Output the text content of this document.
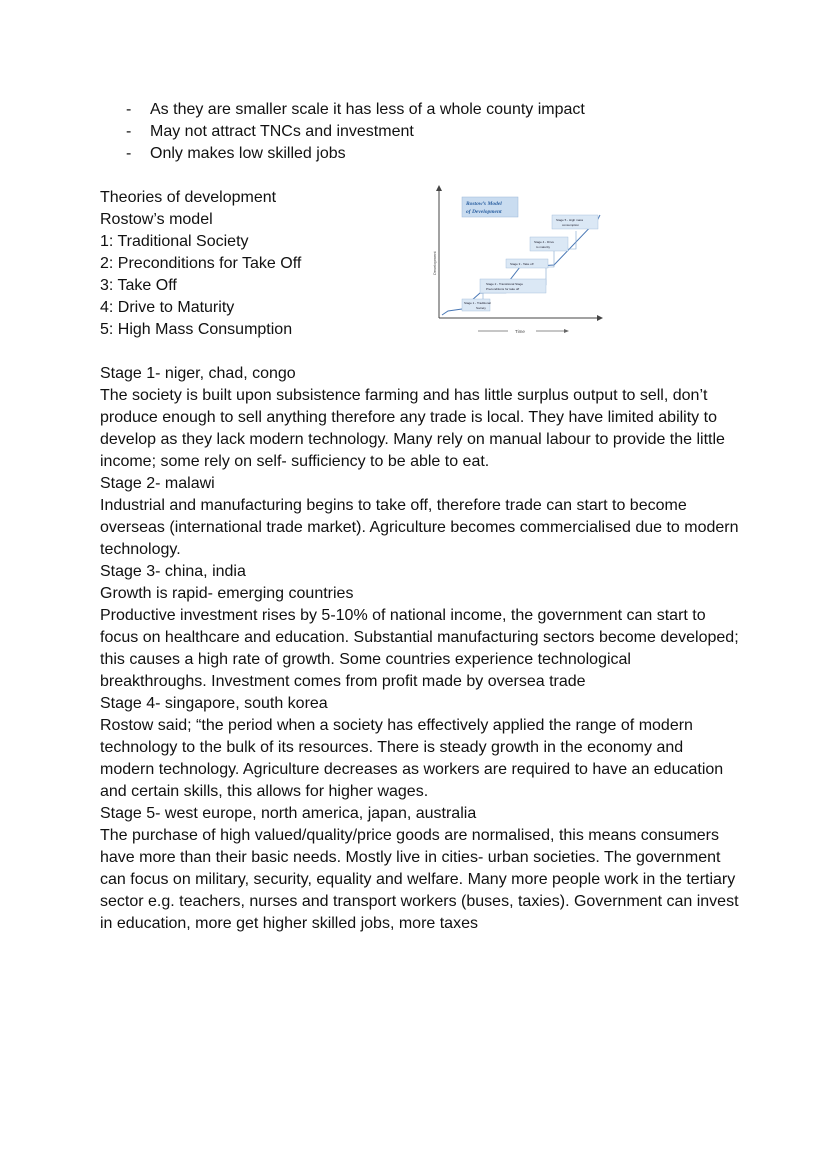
- As they are smaller scale it has less of a whole county impact
- May not attract TNCs and investment
- Only makes low skilled jobs
Theories of development
Rostow’s model
1: Traditional Society
2: Preconditions for Take Off
3: Take Off
4: Drive to Maturity
5: High Mass Consumption
Development
Time
Rostow’s Model
of Development
Stage 1 - Traditional
Society
Stage 2 - Transitional Stage
Preconditions for take off
Stage 3 - Take off
Stage 4 - Drive
to maturity
Stage 5 - High mass
consumption

Stage 1- niger, chad, congo

The society is built upon subsistence farming and has little surplus output to sell, don’t produce enough to sell anything therefore any trade is local. They have limited ability to develop as they lack modern technology. Many rely on manual labour to provide the little income; some rely on self- sufficiency to be able to eat.

Stage 2- malawi

Industrial and manufacturing begins to take off, therefore trade can start to become overseas (international trade market). Agriculture becomes commercialised due to modern technology.

Stage 3- china, india

Growth is rapid- emerging countries

Productive investment rises by 5-10% of national income, the government can start to focus on healthcare and education. Substantial manufacturing sectors become developed; this causes a high rate of growth. Some countries experience technological breakthroughs. Investment comes from profit made by oversea trade

Stage 4- singapore, south korea

Rostow said; “the period when a society has effectively applied the range of modern technology to the bulk of its resources. There is steady growth in the economy and modern technology. Agriculture decreases as workers are required to have an education and certain skills, this allows for higher wages.

Stage 5- west europe, north america, japan, australia

The purchase of high valued/quality/price goods are normalised, this means consumers have more than their basic needs. Mostly live in cities- urban societies. The government can focus on military, security, equality and welfare. Many more people work in the tertiary sector e.g. teachers, nurses and transport workers (buses, taxies). Government can invest in education, more get higher skilled jobs, more taxes
